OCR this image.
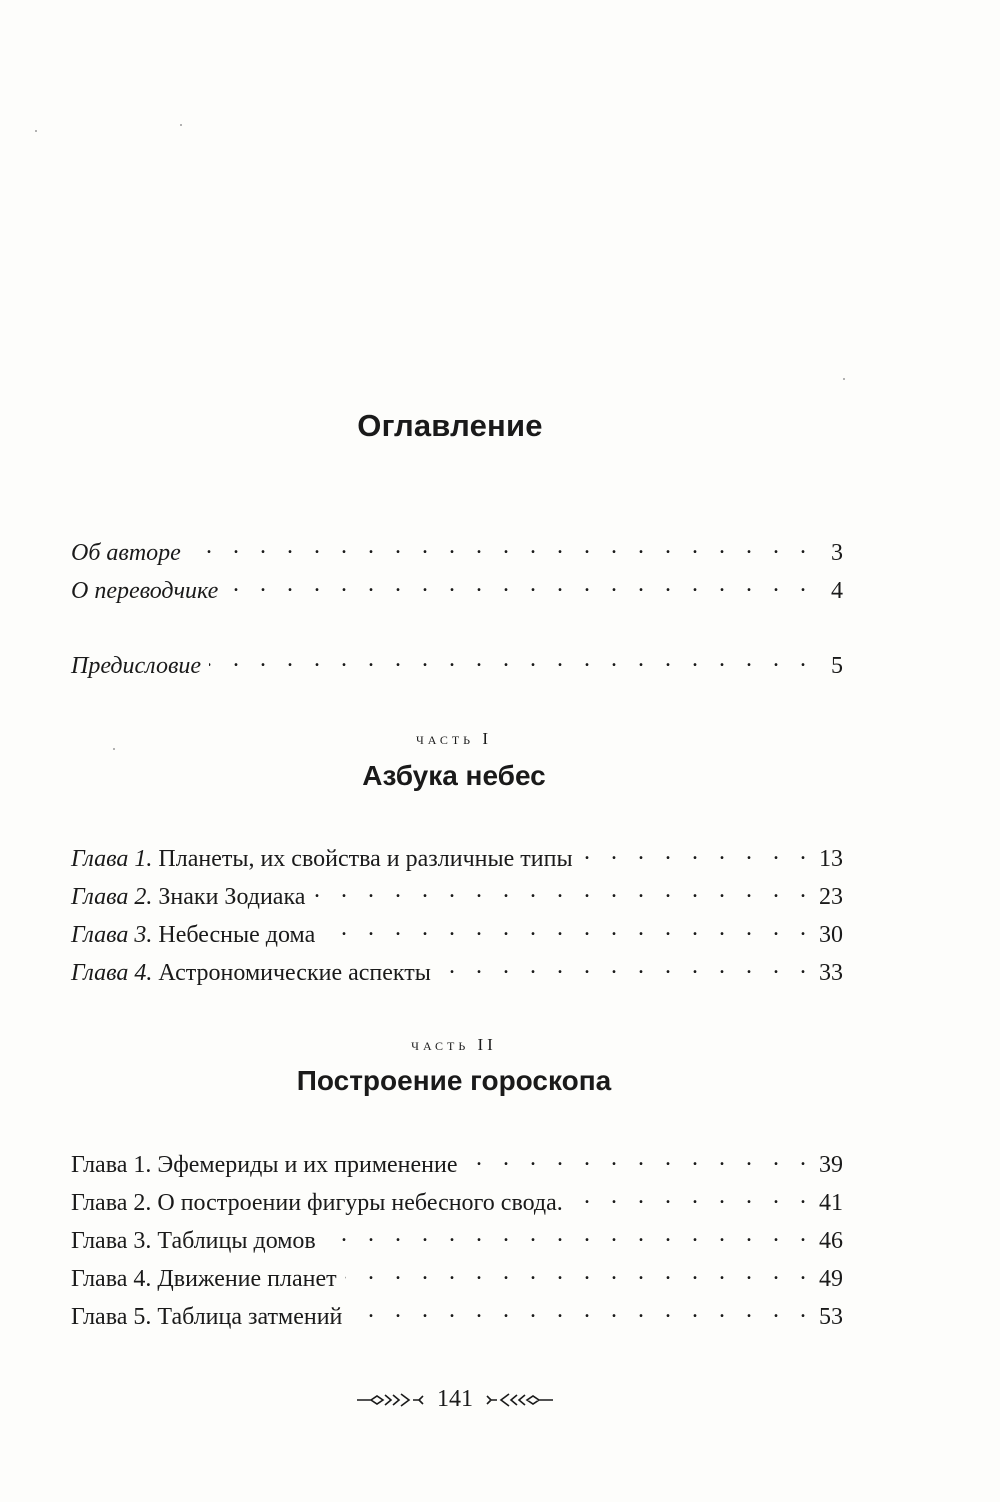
Оглавление
Об авторе . .	3
О переводчике . .	4
Предисловие . .	5
часть I
Азбука небес
Глава 1. Планеты, их свойства и различные типы . .	13
Глава 2. Знаки Зодиака . .	23
Глава 3. Небесные дома . .	30
Глава 4. Астрономические аспекты . .	33
часть II
Построение гороскопа
Глава 1. Эфемериды и их применение . .	39
Глава 2. О построении фигуры небесного свода. . .	41
Глава 3. Таблицы домов . .	46
Глава 4. Движение планет . .	49
Глава 5. Таблица затмений . .	53
141
